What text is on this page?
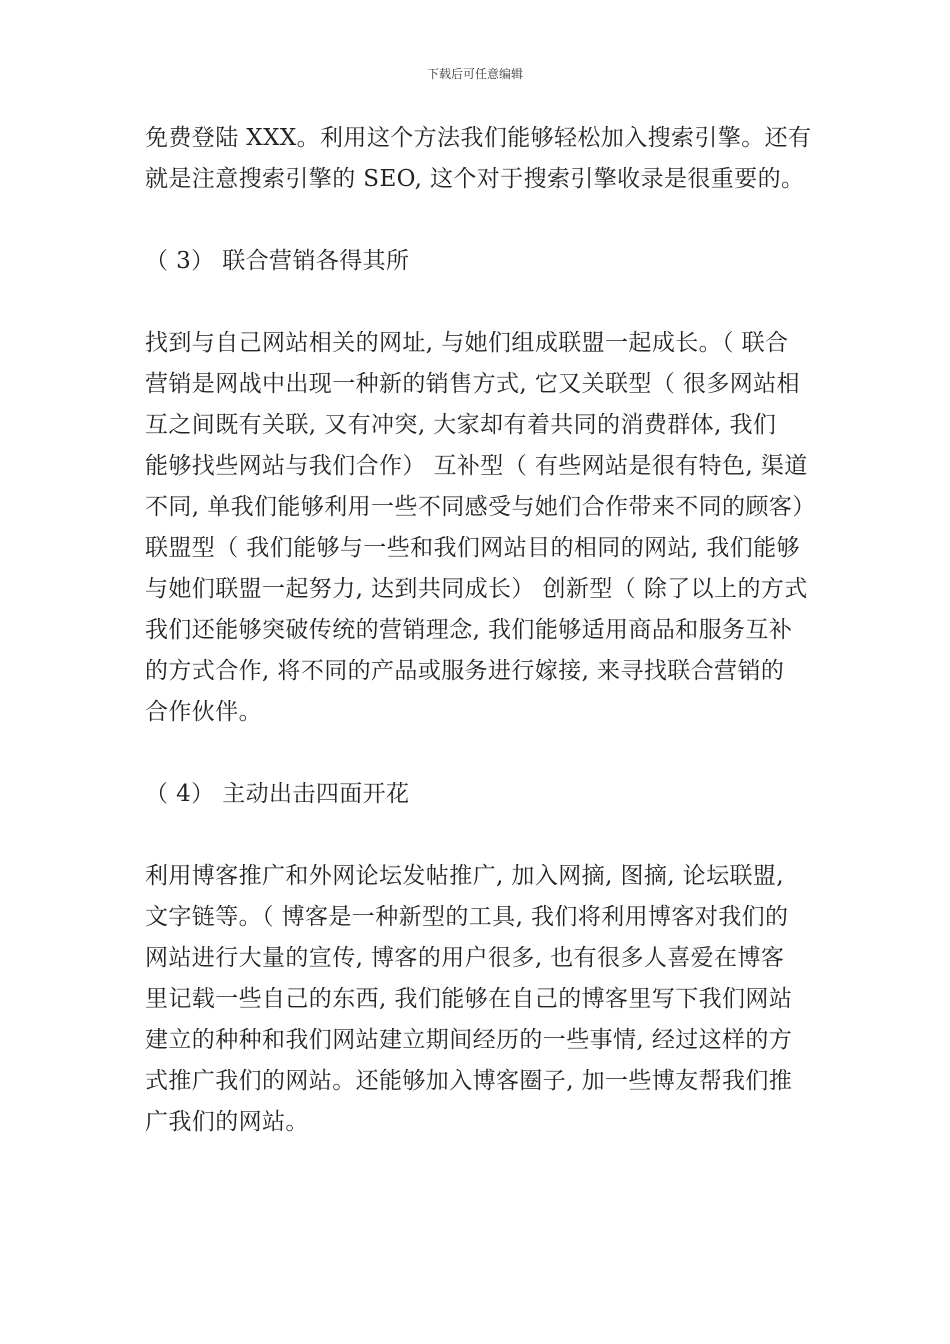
下载后可任意编辑
免费登陆 XXX。利用这个方法我们能够轻松加入搜索引擎。还有
就是注意搜索引擎的 SEO, 这个对于搜索引擎收录是很重要的。
（ 3） 联合营销各得其所
找到与自己网站相关的网址, 与她们组成联盟一起成长。（ 联合
营销是网战中出现一种新的销售方式, 它又关联型（ 很多网站相
互之间既有关联, 又有冲突, 大家却有着共同的消费群体, 我们
能够找些网站与我们合作） 互补型（ 有些网站是很有特色, 渠道
不同, 单我们能够利用一些不同感受与她们合作带来不同的顾客）
联盟型（ 我们能够与一些和我们网站目的相同的网站, 我们能够
与她们联盟一起努力, 达到共同成长） 创新型（ 除了以上的方式
我们还能够突破传统的营销理念, 我们能够适用商品和服务互补
的方式合作, 将不同的产品或服务进行嫁接, 来寻找联合营销的
合作伙伴。
（ 4） 主动出击四面开花
利用博客推广和外网论坛发帖推广, 加入网摘, 图摘, 论坛联盟,
文字链等。（ 博客是一种新型的工具, 我们将利用博客对我们的
网站进行大量的宣传, 博客的用户很多, 也有很多人喜爱在博客
里记载一些自己的东西, 我们能够在自己的博客里写下我们网站
建立的种种和我们网站建立期间经历的一些事情, 经过这样的方
式推广我们的网站。还能够加入博客圈子, 加一些博友帮我们推
广我们的网站。
